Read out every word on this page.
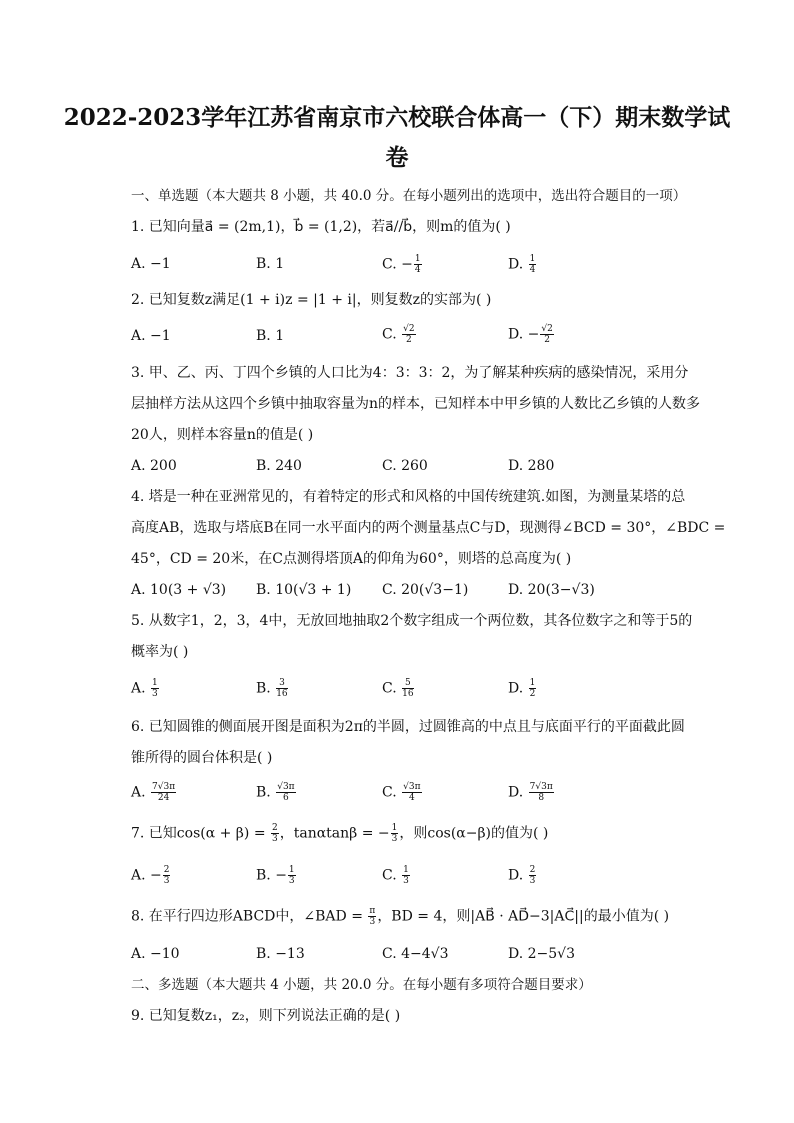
2022-2023学年江苏省南京市六校联合体高一（下）期末数学试
卷
一、单选题（本大题共 8 小题，共 40.0 分。在每小题列出的选项中，选出符合题目的一项）
1. 已知向量a⃗ = (2m,1)，b⃗ = (1,2)，若a⃗//b⃗，则m的值为( )
A. −1	B. 1	C. − $\frac{1}{4}$	D. $\frac{1}{4}$
2. 已知复数z满足(1 + i)z = |1 + i|，则复数z的实部为( )
A. −1	B. 1	C. $\frac{√2}{2}$	D. − $\frac{√2}{2}$
3. 甲、乙、丙、丁四个乡镇的人口比为4：3：3：2，为了解某种疾病的感染情况，采用分
层抽样方法从这四个乡镇中抽取容量为n的样本，已知样本中甲乡镇的人数比乙乡镇的人数多
20人，则样本容量n的值是( )
A. 200	B. 240	C. 260	D. 280
4. 塔是一种在亚洲常见的，有着特定的形式和风格的中国传统建筑.如图，为测量某塔的总
高度AB，选取与塔底B在同一水平面内的两个测量基点C与D，现测得∠BCD = 30°，∠BDC =
45°，CD = 20米，在C点测得塔顶A的仰角为60°，则塔的总高度为( )
A. 10(3 + √3) B. 10(√3 + 1) C. 20(√3−1)	D. 20(3−√3)
5. 从数字1，2，3，4中，无放回地抽取2个数字组成一个两位数，其各位数字之和等于5的
概率为( )
A. $\frac{1}{3}$	B. $\frac{3}{16}$	C. $\frac{5}{16}$	D. $\frac{1}{2}$
6. 已知圆锥的侧面展开图是面积为2π的半圆，过圆锥高的中点且与底面平行的平面截此圆
锥所得的圆台体积是( )
A. $\frac{7√3\pi}{24}$	B. $\frac{√3\pi}{6}$	C. $\frac{√3\pi}{4}$	D. $\frac{7√3\pi}{8}$
7. 已知$\cos(\alpha + \beta) = \frac{2}{3}$ ，tanαtanβ = − $\frac{1}{3}$ ，则cos(α−β)的值为( )
A. − $\frac{2}{3}$	B. − $\frac{1}{3}$	C. $\frac{1}{3}$	D. $\frac{2}{3}$
8. 在平行四边形ABCD中，∠BAD = $\frac{\pi}{3}$ ，BD = 4，则|AB⃗ · AD⃗−3|AC⃗||的最小值为( )
A. −10	B. −13	C. 4−4√3	D. 2−5√3
二、多选题（本大题共 4 小题，共 20.0 分。在每小题有多项符合题目要求）
9. 已知复数z₁，z₂，则下列说法正确的是( )
